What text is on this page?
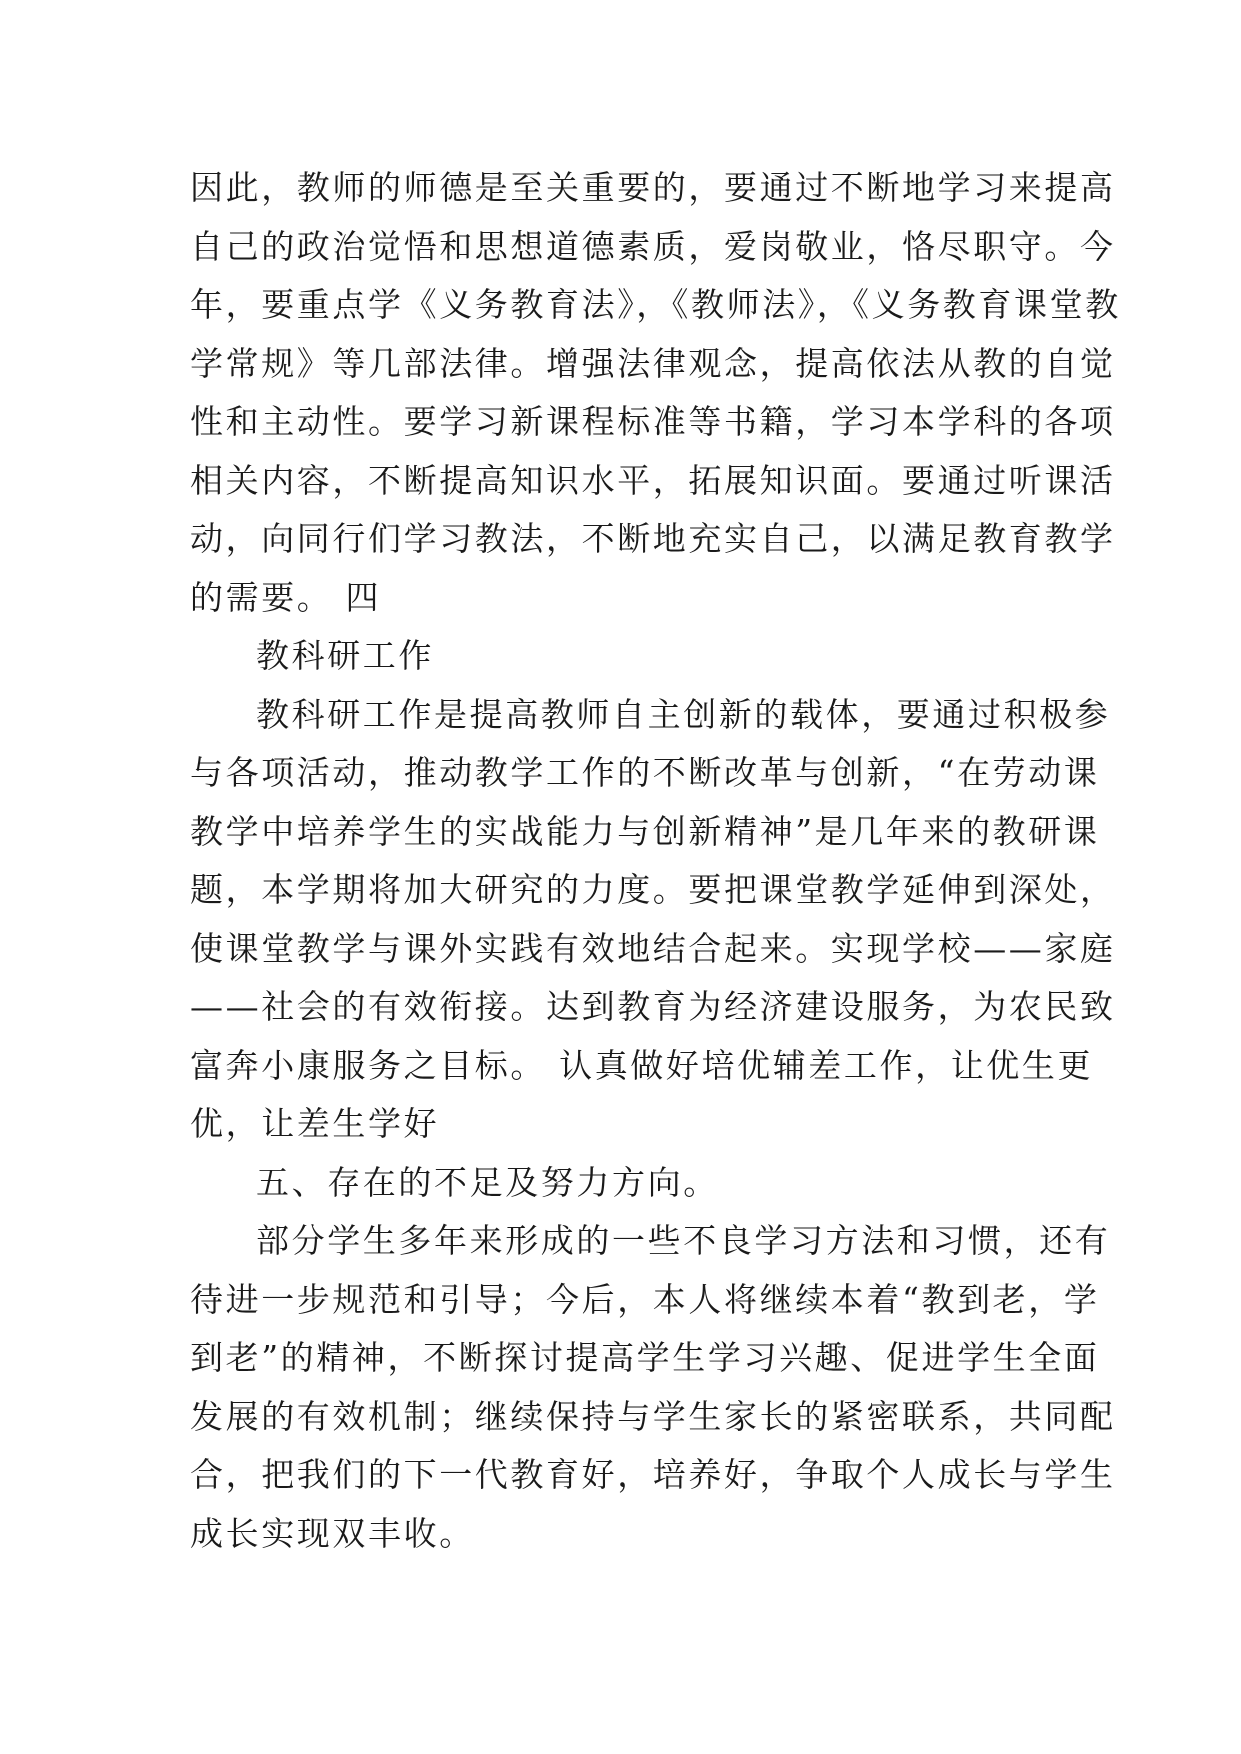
因此，教师的师德是至关重要的，要通过不断地学习来提高
自己的政治觉悟和思想道德素质，爱岗敬业，恪尽职守。今
年，要重点学《义务教育法》，《教师法》，《义务教育课堂教
学常规》等几部法律。增强法律观念，提高依法从教的自觉
性和主动性。要学习新课程标准等书籍，学习本学科的各项
相关内容，不断提高知识水平，拓展知识面。要通过听课活
动，向同行们学习教法，不断地充实自己，以满足教育教学
的需要。 四
教科研工作
教科研工作是提高教师自主创新的载体，要通过积极参
与各项活动，推动教学工作的不断改革与创新，“在劳动课
教学中培养学生的实战能力与创新精神”是几年来的教研课
题，本学期将加大研究的力度。要把课堂教学延伸到深处，
使课堂教学与课外实践有效地结合起来。实现学校——家庭
——社会的有效衔接。达到教育为经济建设服务，为农民致
富奔小康服务之目标。 认真做好培优辅差工作，让优生更
优，让差生学好
五、存在的不足及努力方向。
部分学生多年来形成的一些不良学习方法和习惯，还有
待进一步规范和引导；今后，本人将继续本着“教到老，学
到老”的精神，不断探讨提高学生学习兴趣、促进学生全面
发展的有效机制；继续保持与学生家长的紧密联系，共同配
合，把我们的下一代教育好，培养好，争取个人成长与学生
成长实现双丰收。
